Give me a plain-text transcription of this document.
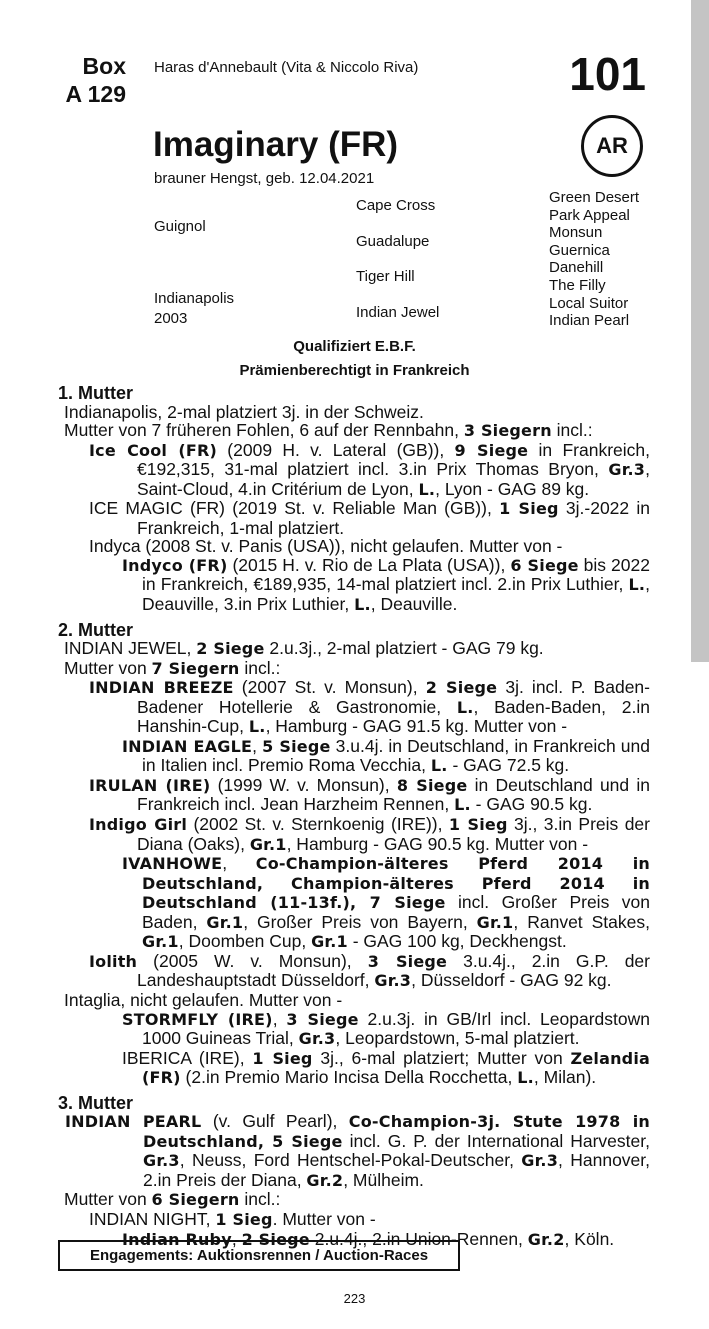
Box
A 129
Haras d'Annebault (Vita & Niccolo Riva)	101
AR
Imaginary (FR)
brauner Hengst, geb. 12.04.2021
Guignol
Indianapolis
2003
Cape Cross
Guadalupe
Tiger Hill
Indian Jewel
Green Desert
Park Appeal
Monsun
Guernica
Danehill
The Filly
Local Suitor
Indian Pearl
Qualifiziert E.B.F.
Prämienberechtigt in Frankreich

1. Mutter

Indianapolis, 2-mal platziert 3j. in der Schweiz.

Mutter von 7 früheren Fohlen, 6 auf der Rennbahn, 3 Siegern incl.:

Ice Cool (FR) (2009 H. v. Lateral (GB)), 9 Siege in Frankreich, €192,315, 31-mal platziert incl. 3.in Prix Thomas Bryon, Gr.3, Saint-Cloud, 4.in Critérium de Lyon, L., Lyon - GAG 89 kg.

ICE MAGIC (FR) (2019 St. v. Reliable Man (GB)), 1 Sieg 3j.-2022 in Frankreich, 1-mal platziert.

Indyca (2008 St. v. Panis (USA)), nicht gelaufen. Mutter von -

Indyco (FR) (2015 H. v. Rio de La Plata (USA)), 6 Siege bis 2022 in Frankreich, €189,935, 14-mal platziert incl. 2.in Prix Luthier, L., Deauville, 3.in Prix Luthier, L., Deauville.

2. Mutter

INDIAN JEWEL, 2 Siege 2.u.3j., 2-mal platziert - GAG 79 kg.

Mutter von 7 Siegern incl.:

INDIAN BREEZE (2007 St. v. Monsun), 2 Siege 3j. incl. P. Baden-Badener Hotellerie & Gastronomie, L., Baden-Baden, 2.in Hanshin-Cup, L., Hamburg - GAG 91.5 kg. Mutter von -

INDIAN EAGLE, 5 Siege 3.u.4j. in Deutschland, in Frankreich und in Italien incl. Premio Roma Vecchia, L. - GAG 72.5 kg.

IRULAN (IRE) (1999 W. v. Monsun), 8 Siege in Deutschland und in Frankreich incl. Jean Harzheim Rennen, L. - GAG 90.5 kg.

Indigo Girl (2002 St. v. Sternkoenig (IRE)), 1 Sieg 3j., 3.in Preis der Diana (Oaks), Gr.1, Hamburg - GAG 90.5 kg. Mutter von -

IVANHOWE, Co-Champion-älteres Pferd 2014 in Deutschland, Champion-älteres Pferd 2014 in Deutschland (11-13f.), 7 Siege incl. Großer Preis von Baden, Gr.1, Großer Preis von Bayern, Gr.1, Ranvet Stakes, Gr.1, Doomben Cup, Gr.1 - GAG 100 kg, Deckhengst.

Iolith (2005 W. v. Monsun), 3 Siege 3.u.4j., 2.in G.P. der Landeshauptstadt Düsseldorf, Gr.3, Düsseldorf - GAG 92 kg.

Intaglia, nicht gelaufen. Mutter von -

STORMFLY (IRE), 3 Siege 2.u.3j. in GB/Irl incl. Leopardstown 1000 Guineas Trial, Gr.3, Leopardstown, 5-mal platziert.

IBERICA (IRE), 1 Sieg 3j., 6-mal platziert; Mutter von Zelandia (FR) (2.in Premio Mario Incisa Della Rocchetta, L., Milan).

3. Mutter

INDIAN PEARL (v. Gulf Pearl), Co-Champion-3j. Stute 1978 in Deutschland, 5 Siege incl. G. P. der International Harvester, Gr.3, Neuss, Ford Hentschel-Pokal-Deutscher, Gr.3, Hannover, 2.in Preis der Diana, Gr.2, Mülheim.

Mutter von 6 Siegern incl.:

INDIAN NIGHT, 1 Sieg. Mutter von -

Indian Ruby, 2 Siege 2.u.4j., 2.in Union-Rennen, Gr.2, Köln.

Engagements: Auktionsrennen / Auction-Races
223
